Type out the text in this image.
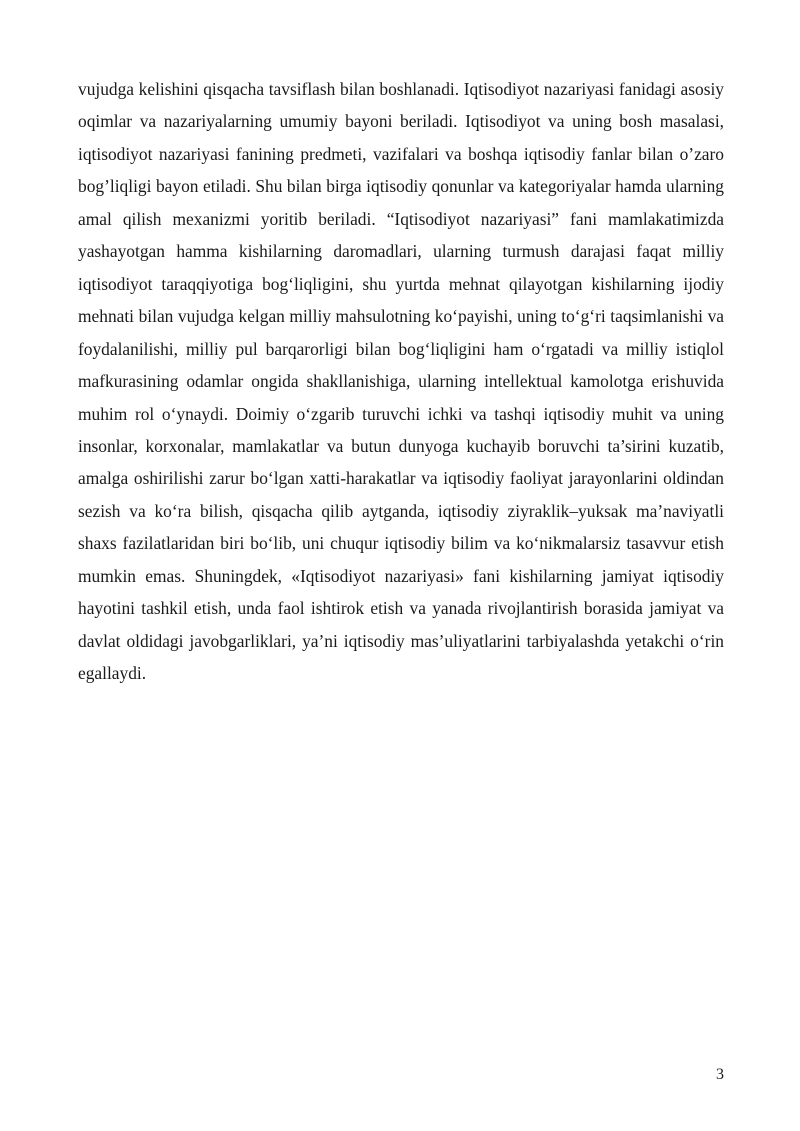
vujudga kelishini qisqacha tavsiflash bilan boshlanadi. Iqtisodiyot nazariyasi fanidagi asosiy oqimlar va nazariyalarning umumiy bayoni beriladi. Iqtisodiyot va uning bosh masalasi, iqtisodiyot nazariyasi fanining predmeti, vazifalari va boshqa iqtisodiy fanlar bilan o’zaro bog’liqligi bayon etiladi. Shu bilan birga iqtisodiy qonunlar va kategoriyalar hamda ularning amal qilish mexanizmi yoritib beriladi. “Iqtisodiyot nazariyasi” fani mamlakatimizda yashayotgan hamma kishilarning daromadlari, ularning turmush darajasi faqat milliy iqtisodiyot taraqqiyotiga bog‘liqligini, shu yurtda mehnat qilayotgan kishilarning ijodiy mehnati bilan vujudga kelgan milliy mahsulotning ko‘payishi, uning to‘g‘ri taqsimlanishi va foydalanilishi, milliy pul barqarorligi bilan bog‘liqligini ham o‘rgatadi va milliy istiqlol mafkurasining odamlar ongida shakllanishiga, ularning intellektual kamolotga erishuvida muhim rol o‘ynaydi. Doimiy o‘zgarib turuvchi ichki va tashqi iqtisodiy muhit va uning insonlar, korxonalar, mamlakatlar va butun dunyoga kuchayib boruvchi ta’sirini kuzatib, amalga oshirilishi zarur bo‘lgan xatti-harakatlar va iqtisodiy faoliyat jarayonlarini oldindan sezish va ko‘ra bilish, qisqacha qilib aytganda, iqtisodiy ziyraklik–yuksak ma’naviyatli shaxs fazilatlaridan biri bo‘lib, uni chuqur iqtisodiy bilim va ko‘nikmalarsiz tasavvur etish mumkin emas. Shuningdek, «Iqtisodiyot nazariyasi» fani kishilarning jamiyat iqtisodiy hayotini tashkil etish, unda faol ishtirok etish va yanada rivojlantirish borasida jamiyat va davlat oldidagi javobgarliklari, ya’ni iqtisodiy mas’uliyatlarini tarbiyalashda yetakchi o‘rin egallaydi.

3
